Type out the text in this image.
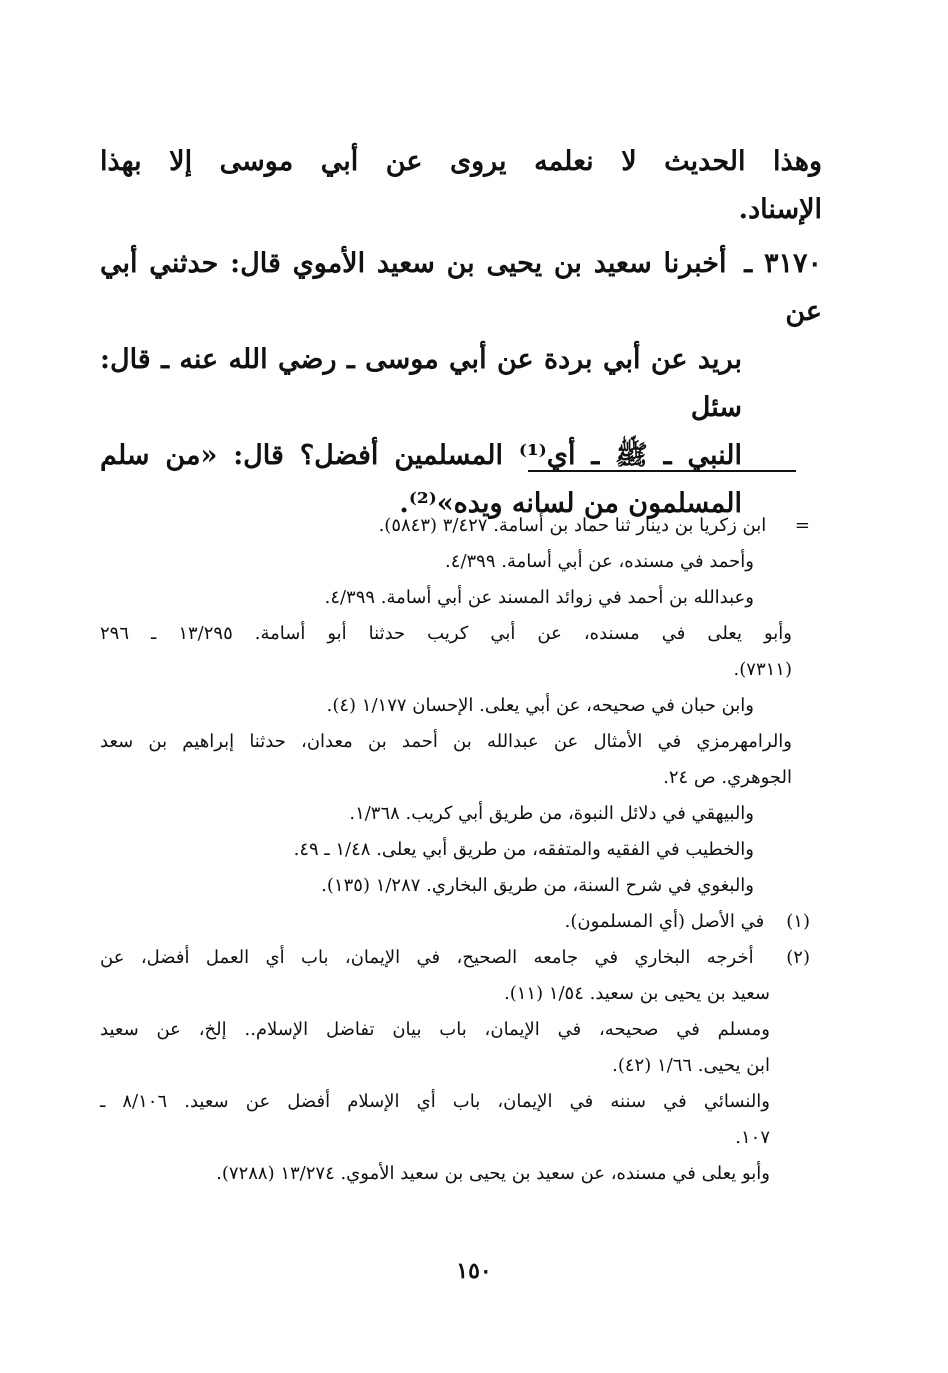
وهذا الحديث لا نعلمه يروى عن أبي موسى إلا بهذا
الإسناد.

٣١٧٠ ـ أخبرنا سعيد بن يحيى بن سعيد الأموي قال: حدثني أبي عن

بريد عن أبي بردة عن أبي موسى ـ رضي الله عنه ـ قال: سئل

النبي ـ ﷺ ـ أي⁽¹⁾ المسلمين أفضل؟ قال: «من سلم

المسلمون من لسانه ويده»⁽²⁾.

= ابن زكريا بن دينار ثنا حماد بن أسامة. ٣/٤٢٧ (٥٨٤٣).
وأحمد في مسنده، عن أبي أسامة. ٤/٣٩٩.
وعبدالله بن أحمد في زوائد المسند عن أبي أسامة. ٤/٣٩٩.
وأبو يعلى في مسنده، عن أبي كريب حدثنا أبو أسامة. ١٣/٢٩٥ ـ ٢٩٦
(٧٣١١).
وابن حبان في صحيحه، عن أبي يعلى. الإحسان ١/١٧٧ (٤).
والرامهرمزي في الأمثال عن عبدالله بن أحمد بن معدان، حدثنا إبراهيم بن سعد
الجوهري. ص ٢٤.
والبيهقي في دلائل النبوة، من طريق أبي كريب. ١/٣٦٨.
والخطيب في الفقيه والمتفقه، من طريق أبي يعلى. ١/٤٨ ـ ٤٩.
والبغوي في شرح السنة، من طريق البخاري. ١/٢٨٧ (١٣٥).
(١) في الأصل (أي المسلمون).
(٢) أخرجه البخاري في جامعه الصحيح، في الإيمان، باب أي العمل أفضل، عن
سعيد بن يحيى بن سعيد. ١/٥٤ (١١).
ومسلم في صحيحه، في الإيمان، باب بيان تفاضل الإسلام.. إلخ، عن سعيد
ابن يحيى. ١/٦٦ (٤٢).
والنسائي في سننه في الإيمان، باب أي الإسلام أفضل عن سعيد. ٨/١٠٦ ـ
١٠٧.
وأبو يعلى في مسنده، عن سعيد بن يحيى بن سعيد الأموي. ١٣/٢٧٤ (٧٢٨٨).
١٥٠
